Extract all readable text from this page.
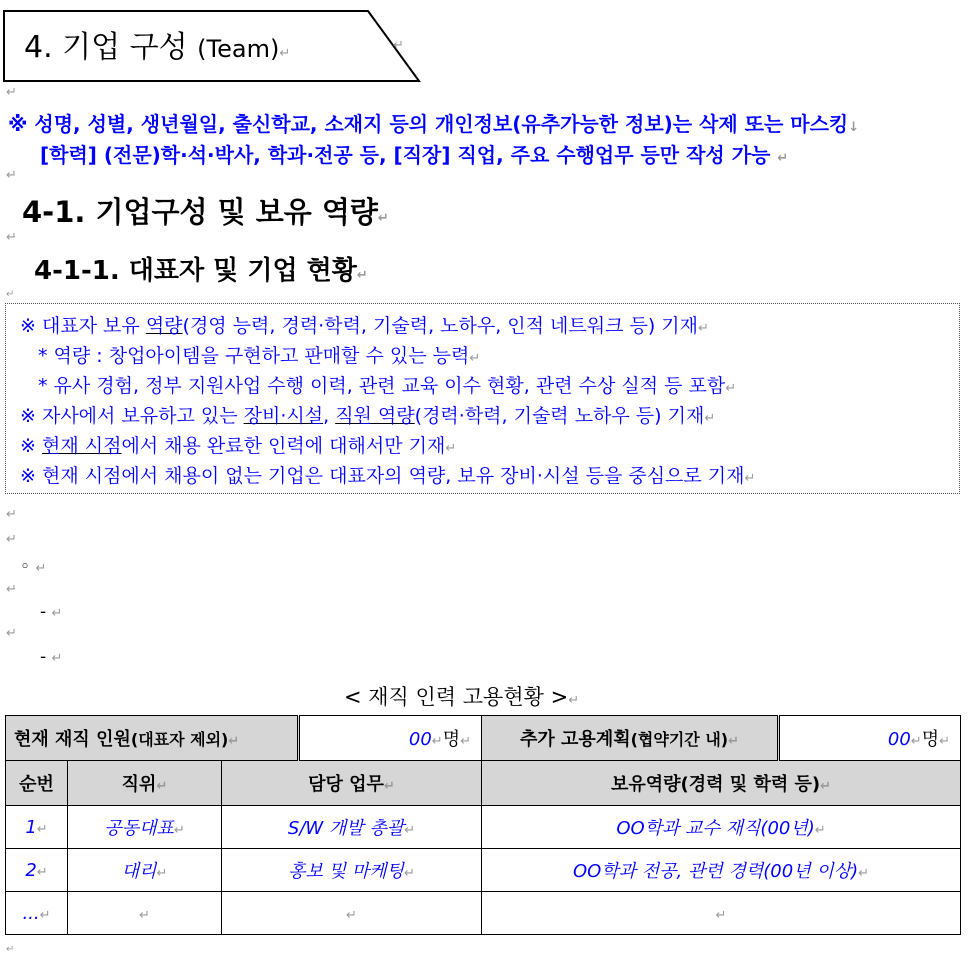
4. 기업 구성 (Team)↵
↵
↵
※ 성명, 성별, 생년월일, 출신학교, 소재지 등의 개인정보(유추가능한 정보)는 삭제 또는 마스킹↓
[학력] (전문)학·석·박사, 학과·전공 등, [직장] 직업, 주요 수행업무 등만 작성 가능 ↵
↵
4-1. 기업구성 및 보유 역량↵
↵
4-1-1. 대표자 및 기업 현황↵
↵
※ 대표자 보유 역량(경영 능력, 경력·학력, 기술력, 노하우, 인적 네트워크 등) 기재↵
* 역량 : 창업아이템을 구현하고 판매할 수 있는 능력↵
* 유사 경험, 정부 지원사업 수행 이력, 관련 교육 이수 현황, 관련 수상 실적 등 포함↵
※ 자사에서 보유하고 있는 장비·시설, 직원 역량(경력·학력, 기술력 노하우 등) 기재↵
※ 현재 시점에서 채용 완료한 인력에 대해서만 기재↵
※ 현재 시점에서 채용이 없는 기업은 대표자의 역량, 보유 장비·시설 등을 중심으로 기재↵
↵
↵
◦ ↵
↵
- ↵
↵
- ↵
< 재직 인력 고용현황 >↵
현재 재직 인원(대표자 제외)↵			00↵명↵	추가 고용계획(협약기간 내)↵	00↵명↵
순번	직위↵	담당 업무↵		보유역량(경력 및 학력 등)↵	
1↵	공동대표↵	S/W 개발 총괄↵		OO학과 교수 재직(00년)↵	
2↵	대리↵	홍보 및 마케팅↵		OO학과 전공, 관련 경력(00년 이상)↵	
...↵	↵	↵		↵	
↵
